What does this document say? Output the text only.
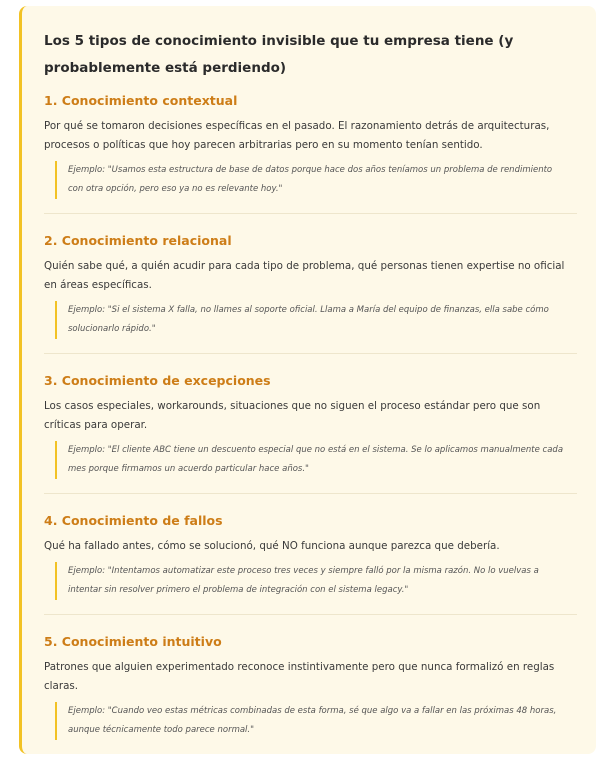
Los 5 tipos de conocimiento invisible que tu empresa tiene (y probablemente está perdiendo)
1. Conocimiento contextual

Por qué se tomaron decisiones específicas en el pasado. El razonamiento detrás de arquitecturas, procesos o políticas que hoy parecen arbitrarias pero en su momento tenían sentido.

Ejemplo: "Usamos esta estructura de base de datos porque hace dos años teníamos un problema de rendimiento con otra opción, pero eso ya no es relevante hoy."
2. Conocimiento relacional

Quién sabe qué, a quién acudir para cada tipo de problema, qué personas tienen expertise no oficial en áreas específicas.

Ejemplo: "Si el sistema X falla, no llames al soporte oficial. Llama a María del equipo de finanzas, ella sabe cómo solucionarlo rápido."
3. Conocimiento de excepciones

Los casos especiales, workarounds, situaciones que no siguen el proceso estándar pero que son críticas para operar.

Ejemplo: "El cliente ABC tiene un descuento especial que no está en el sistema. Se lo aplicamos manualmente cada mes porque firmamos un acuerdo particular hace años."
4. Conocimiento de fallos

Qué ha fallado antes, cómo se solucionó, qué NO funciona aunque parezca que debería.

Ejemplo: "Intentamos automatizar este proceso tres veces y siempre falló por la misma razón. No lo vuelvas a intentar sin resolver primero el problema de integración con el sistema legacy."
5. Conocimiento intuitivo

Patrones que alguien experimentado reconoce instintivamente pero que nunca formalizó en reglas claras.

Ejemplo: "Cuando veo estas métricas combinadas de esta forma, sé que algo va a fallar en las próximas 48 horas, aunque técnicamente todo parece normal."
